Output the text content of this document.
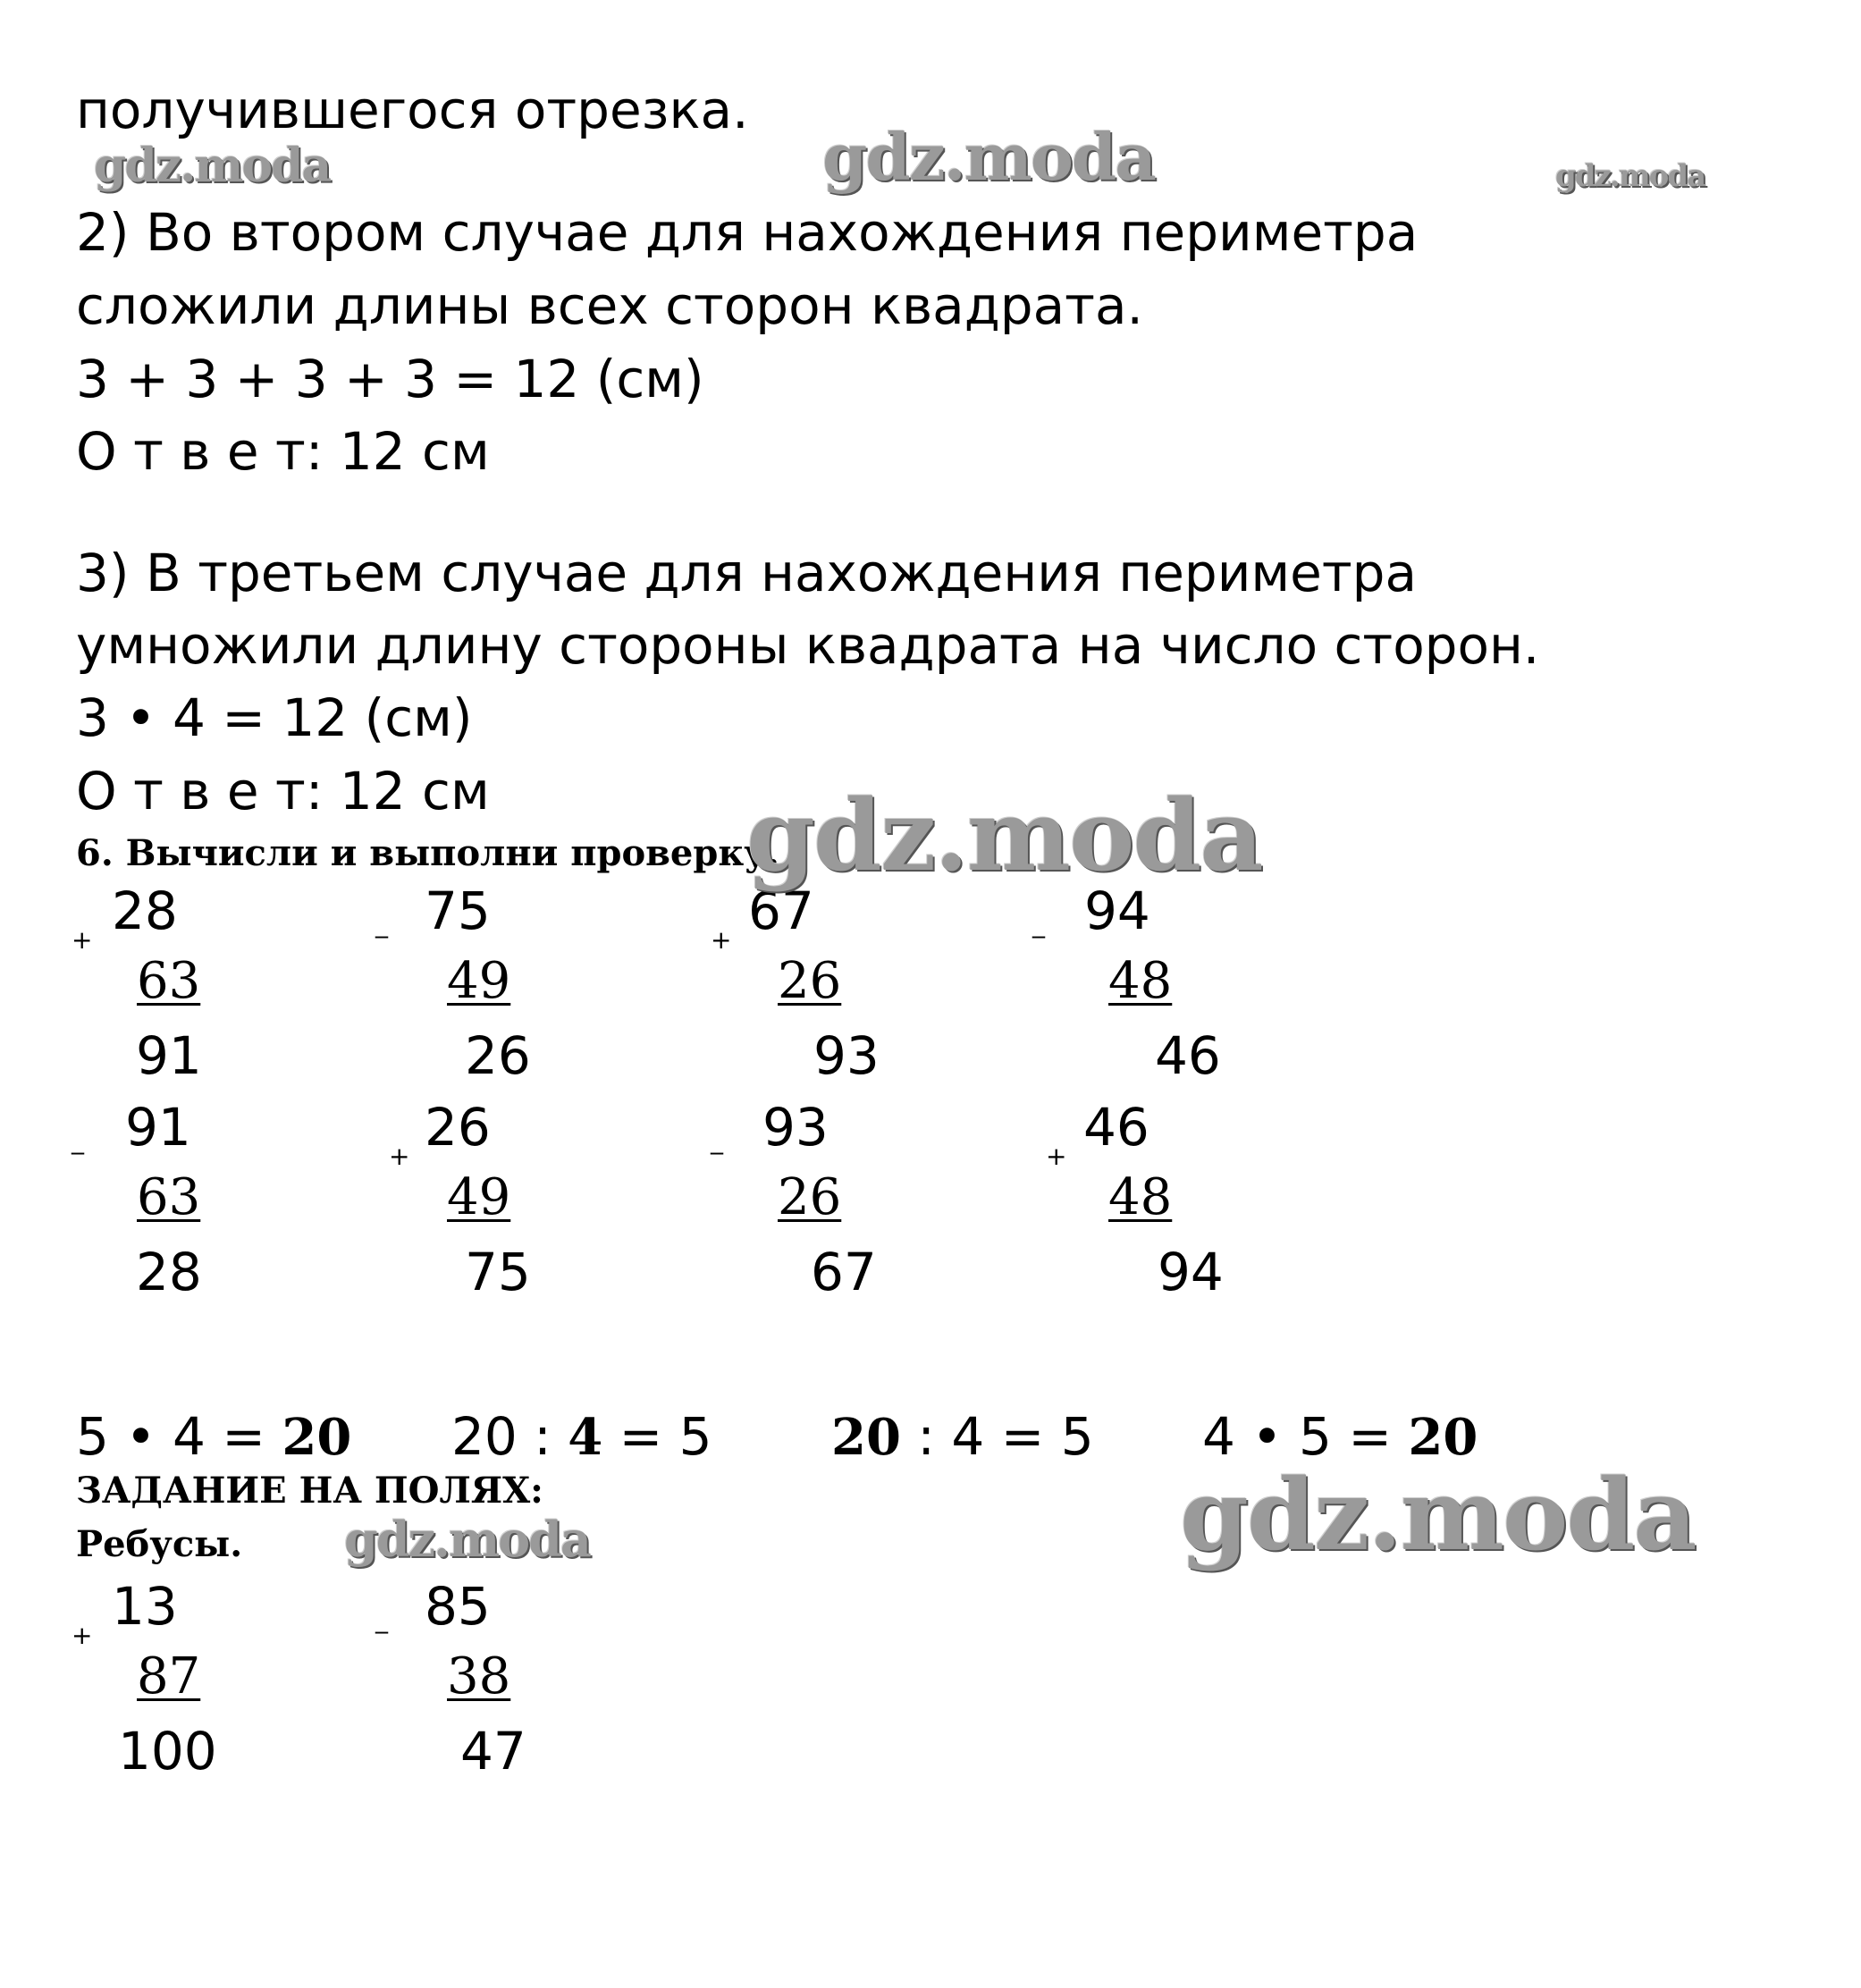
получившегося отрезка.
2) Во втором случае для нахождения периметра
сложили длины всех сторон квадрата.
3 + 3 + 3 + 3 = 12 (см)
О т в е т: 12 см
3) В третьем случае для нахождения периметра
умножили длину стороны квадрата на число сторон.
3 • 4 = 12 (см)
О т в е т: 12 см
6. Вычисли и выполни проверку.
+ 28
63
91
_ 75
49
26
+ 67
26
93
_ 94
48
46
_ 91
63
28
+ 26
49
75
_ 93
26
67
+ 46
48
94
5 • 4 = 20 20 : 4 = 5 20 : 4 = 5 4 • 5 = 20
ЗАДАНИЕ НА ПОЛЯХ:
Ребусы.
+ 13
87
100
_ 85
38
47
gdz.moda	gdz.moda	gdz.moda
gdz.moda
gdz.moda
gdz.moda
